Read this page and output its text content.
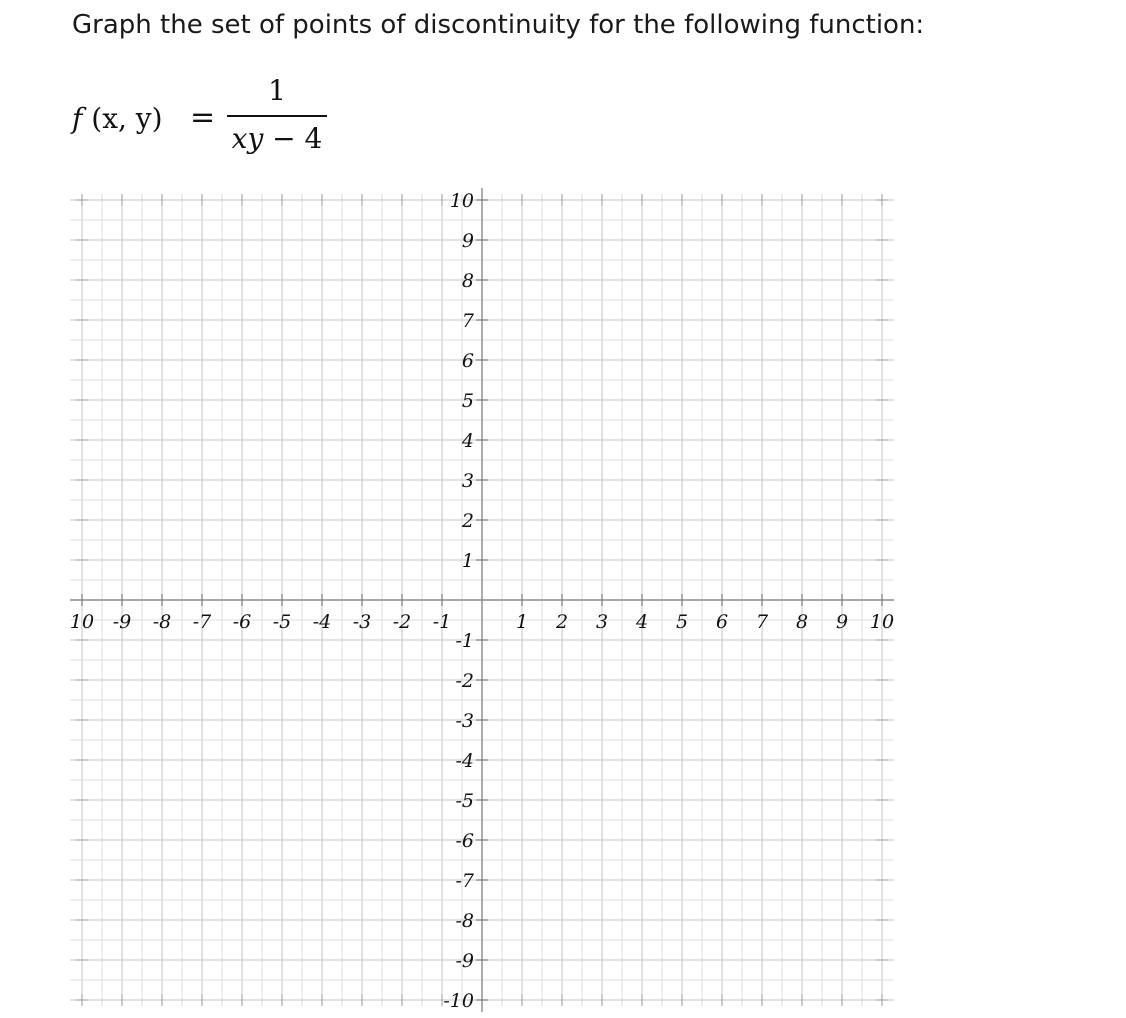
Graph the set of points of discontinuity for the following function:
f (x, y) =
1
xy − 4
10 -9 -8 -7 -6 -5 -4 -3 -2 -1	1 2 3 4 5 6 7 8 9 10
10
9
8
7
6
5
4
3
2
1
-1
-2
-3
-4
-5
-6
-7
-8
-9
-10
